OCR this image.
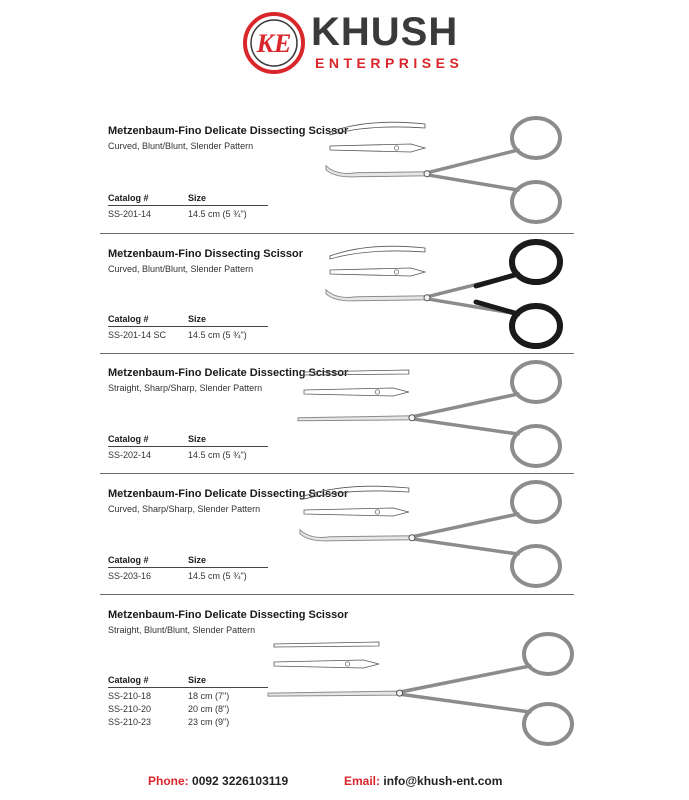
KE KHUSH
ENTERPRISES
Metzenbaum-Fino Delicate Dissecting Scissor
Curved, Blunt/Blunt, Slender Pattern
Catalog #	Size
SS-201-14	14.5 cm (5 ¾")
Metzenbaum-Fino Dissecting Scissor
Curved, Blunt/Blunt, Slender Pattern
Catalog #	Size
SS-201-14 SC	14.5 cm (5 ¾")
Metzenbaum-Fino Delicate Dissecting Scissor
Straight, Sharp/Sharp, Slender Pattern
Catalog #	Size
SS-202-14	14.5 cm (5 ¾")
Metzenbaum-Fino Delicate Dissecting Scissor
Curved, Sharp/Sharp, Slender Pattern
Catalog #	Size
SS-203-16	14.5 cm (5 ¾")
Metzenbaum-Fino Delicate Dissecting Scissor
Straight, Blunt/Blunt, Slender Pattern
Catalog #	Size
SS-210-18	18 cm (7")
SS-210-20	20 cm (8")
SS-210-23	23 cm (9")
Phone: 0092 3226103119	Email: info@khush-ent.com
